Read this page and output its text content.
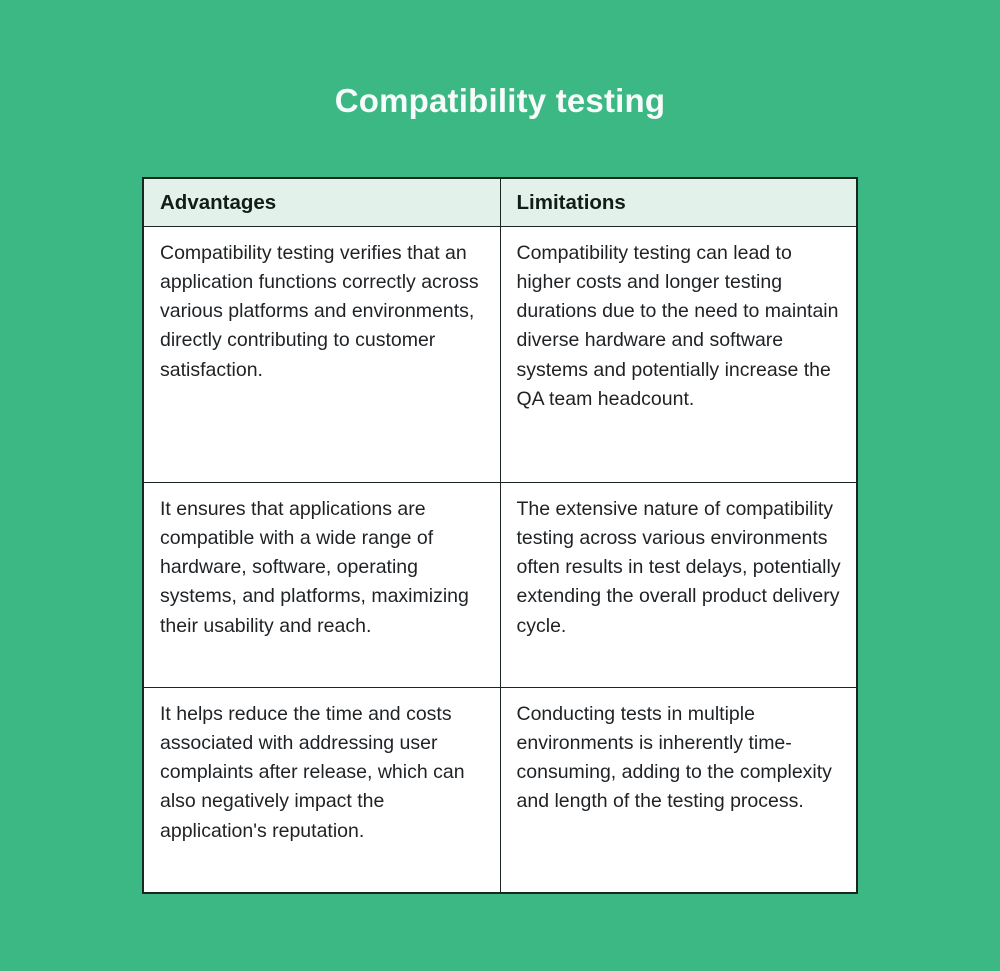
Compatibility testing
Advantages	Limitations
Compatibility testing verifies that an application functions correctly across various platforms and environments, directly contributing to customer satisfaction.	Compatibility testing can lead to higher costs and longer testing durations due to the need to maintain diverse hardware and software systems and potentially increase the QA team headcount.
It ensures that applications are compatible with a wide range of hardware, software, operating systems, and platforms, maximizing their usability and reach.	The extensive nature of compatibility testing across various environments often results in test delays, potentially extending the overall product delivery cycle.
It helps reduce the time and costs associated with addressing user complaints after release, which can also negatively impact the application's reputation.	Conducting tests in multiple environments is inherently time-consuming, adding to the complexity and length of the testing process.
